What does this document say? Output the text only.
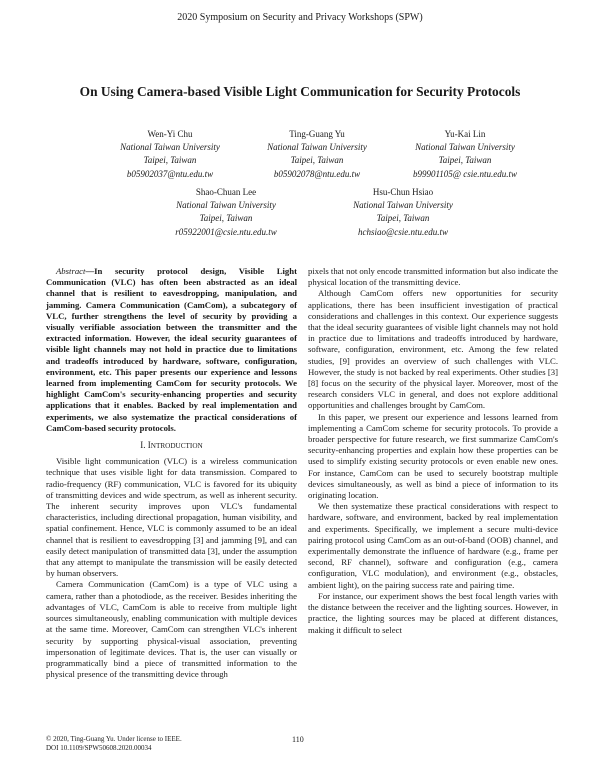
2020 Symposium on Security and Privacy Workshops (SPW)
On Using Camera-based Visible Light Communication for Security Protocols
Wen-Yi Chu
National Taiwan University
Taipei, Taiwan
b05902037@ntu.edu.tw
Ting-Guang Yu
National Taiwan University
Taipei, Taiwan
b05902078@ntu.edu.tw
Yu-Kai Lin
National Taiwan University
Taipei, Taiwan
b99901105@ csie.ntu.edu.tw
Shao-Chuan Lee
National Taiwan University
Taipei, Taiwan
r05922001@csie.ntu.edu.tw
Hsu-Chun Hsiao
National Taiwan University
Taipei, Taiwan
hchsiao@csie.ntu.edu.tw

Abstract—In security protocol design, Visible Light Communication (VLC) has often been abstracted as an ideal channel that is resilient to eavesdropping, manipulation, and jamming. Camera Communication (CamCom), a subcategory of VLC, further strengthens the level of security by providing a visually verifiable association between the transmitter and the extracted information. However, the ideal security guarantees of visible light channels may not hold in practice due to limitations and tradeoffs introduced by hardware, software, configuration, environment, etc. This paper presents our experience and lessons learned from implementing CamCom for security protocols. We highlight CamCom's security-enhancing properties and security applications that it enables. Backed by real implementation and experiments, we also systematize the practical considerations of CamCom-based security protocols.

I. INTRODUCTION

Visible light communication (VLC) is a wireless communication technique that uses visible light for data transmission. Compared to radio-frequency (RF) communication, VLC is favored for its ubiquity of transmitting devices and wide spectrum, as well as inherent security. The inherent security improves upon VLC's fundamental characteristics, including directional propagation, human visibility, and spatial confinement. Hence, VLC is commonly assumed to be an ideal channel that is resilient to eavesdropping [3] and jamming [9], and can easily detect manipulation of transmitted data [3], under the assumption that any attempt to manipulate the transmission will be easily detected by human observers.

Camera Communication (CamCom) is a type of VLC using a camera, rather than a photodiode, as the receiver. Besides inheriting the advantages of VLC, CamCom is able to receive from multiple light sources simultaneously, enabling communication with multiple devices at the same time. Moreover, CamCom can strengthen VLC's inherent security by supporting physical-visual association, preventing impersonation of legitimate devices. That is, the user can visually or programmatically bind a piece of transmitted information to the physical presence of the transmitting device through

pixels that not only encode transmitted information but also indicate the physical location of the transmitting device.

Although CamCom offers new opportunities for security applications, there has been insufficient investigation of practical considerations and challenges in this context. Our experience suggests that the ideal security guarantees of visible light channels may not hold in practice due to limitations and tradeoffs introduced by hardware, software, configuration, environment, etc. Among the few related studies, [9] provides an overview of such challenges with VLC. However, the study is not backed by real experiments. Other studies [3] [8] focus on the security of the physical layer. Moreover, most of the research considers VLC in general, and does not explore additional opportunities and challenges brought by CamCom.

In this paper, we present our experience and lessons learned from implementing a CamCom scheme for security protocols. To provide a broader perspective for future research, we first summarize CamCom's security-enhancing properties and explain how these properties can be used to simplify existing security protocols or even enable new ones. For instance, CamCom can be used to securely bootstrap multiple devices simultaneously, as well as bind a piece of information to its originating location.

We then systematize these practical considerations with respect to hardware, software, and environment, backed by real implementation and experiments. Specifically, we implement a secure multi-device pairing protocol using CamCom as an out-of-band (OOB) channel, and experimentally demonstrate the influence of hardware (e.g., frame per second, RF channel), software and configuration (e.g., camera configuration, VLC modulation), and environment (e.g., obstacles, ambient light), on the pairing success rate and pairing time.

For instance, our experiment shows the best focal length varies with the distance between the receiver and the lighting sources. However, in practice, the lighting sources may be placed at different distances, making it difficult to select

© 2020, Ting-Guang Yu. Under license to IEEE.
DOI 10.1109/SPW50608.2020.00034
110
